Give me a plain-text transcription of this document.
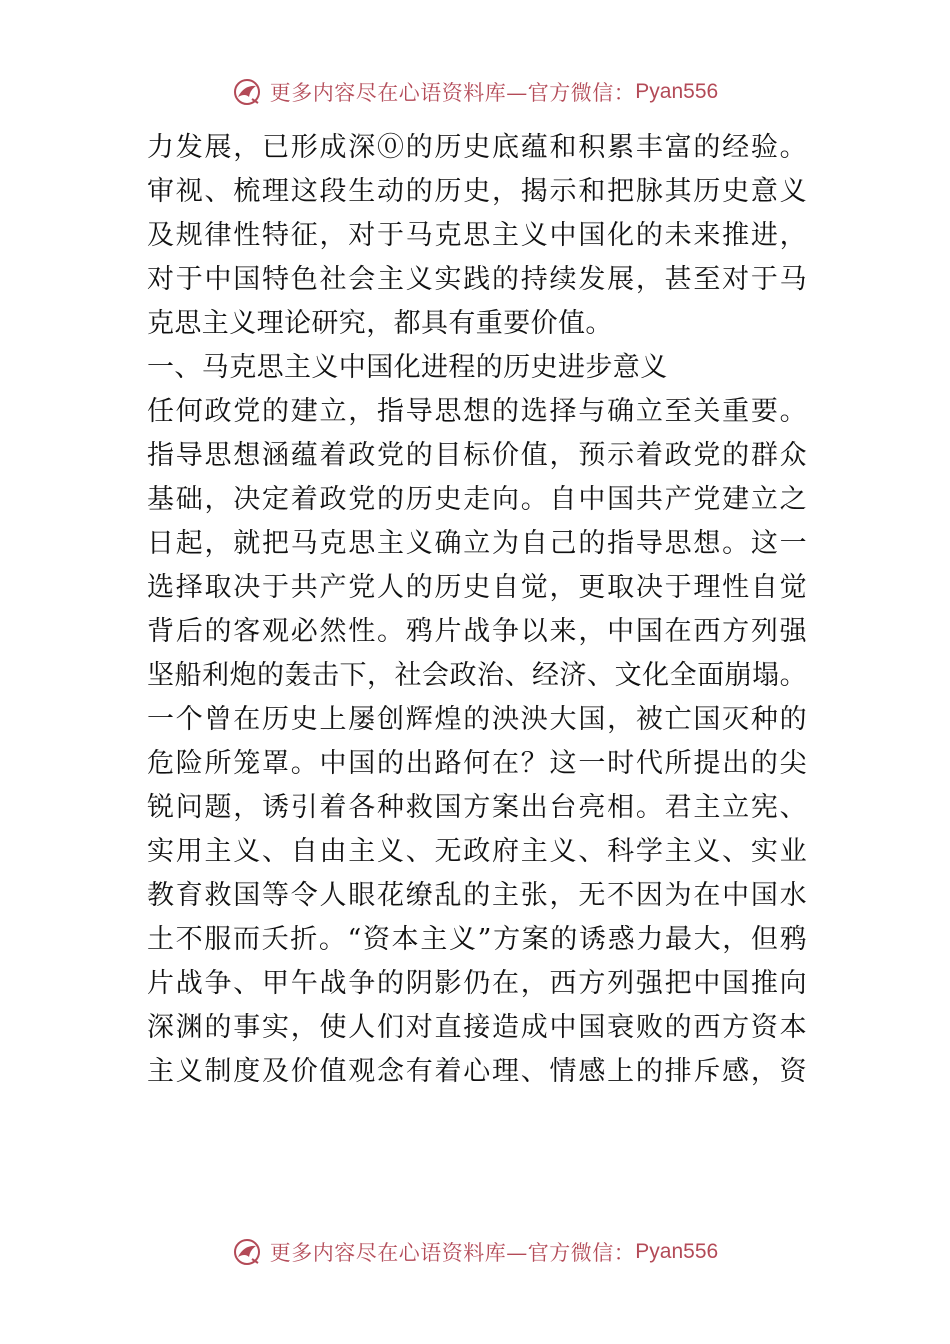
更多内容尽在心语资料库—官方微信： Pyan556
力发展，已形成深🄋的历史底蕴和积累丰富的经验。
审视、梳理这段生动的历史，揭示和把脉其历史意义
及规律性特征，对于马克思主义中国化的未来推进，
对于中国特色社会主义实践的持续发展，甚至对于马
克思主义理论研究，都具有重要价值。
一、马克思主义中国化进程的历史进步意义
任何政党的建立，指导思想的选择与确立至关重要。
指导思想涵蕴着政党的目标价值，预示着政党的群众
基础，决定着政党的历史走向。自中国共产党建立之
日起，就把马克思主义确立为自己的指导思想。这一
选择取决于共产党人的历史自觉，更取决于理性自觉
背后的客观必然性。鸦片战争以来，中国在西方列强
坚船利炮的轰击下，社会政治、经济、文化全面崩塌。
一个曾在历史上屡创辉煌的泱泱大国，被亡国灭种的
危险所笼罩。中国的出路何在？这一时代所提出的尖
锐问题，诱引着各种救国方案出台亮相。君主立宪、
实用主义、自由主义、无政府主义、科学主义、实业
教育救国等令人眼花缭乱的主张，无不因为在中国水
土不服而夭折。“资本主义”方案的诱惑力最大，但鸦
片战争、甲午战争的阴影仍在，西方列强把中国推向
深渊的事实，使人们对直接造成中国衰败的西方资本
主义制度及价值观念有着心理、情感上的排斥感，资
更多内容尽在心语资料库—官方微信： Pyan556
